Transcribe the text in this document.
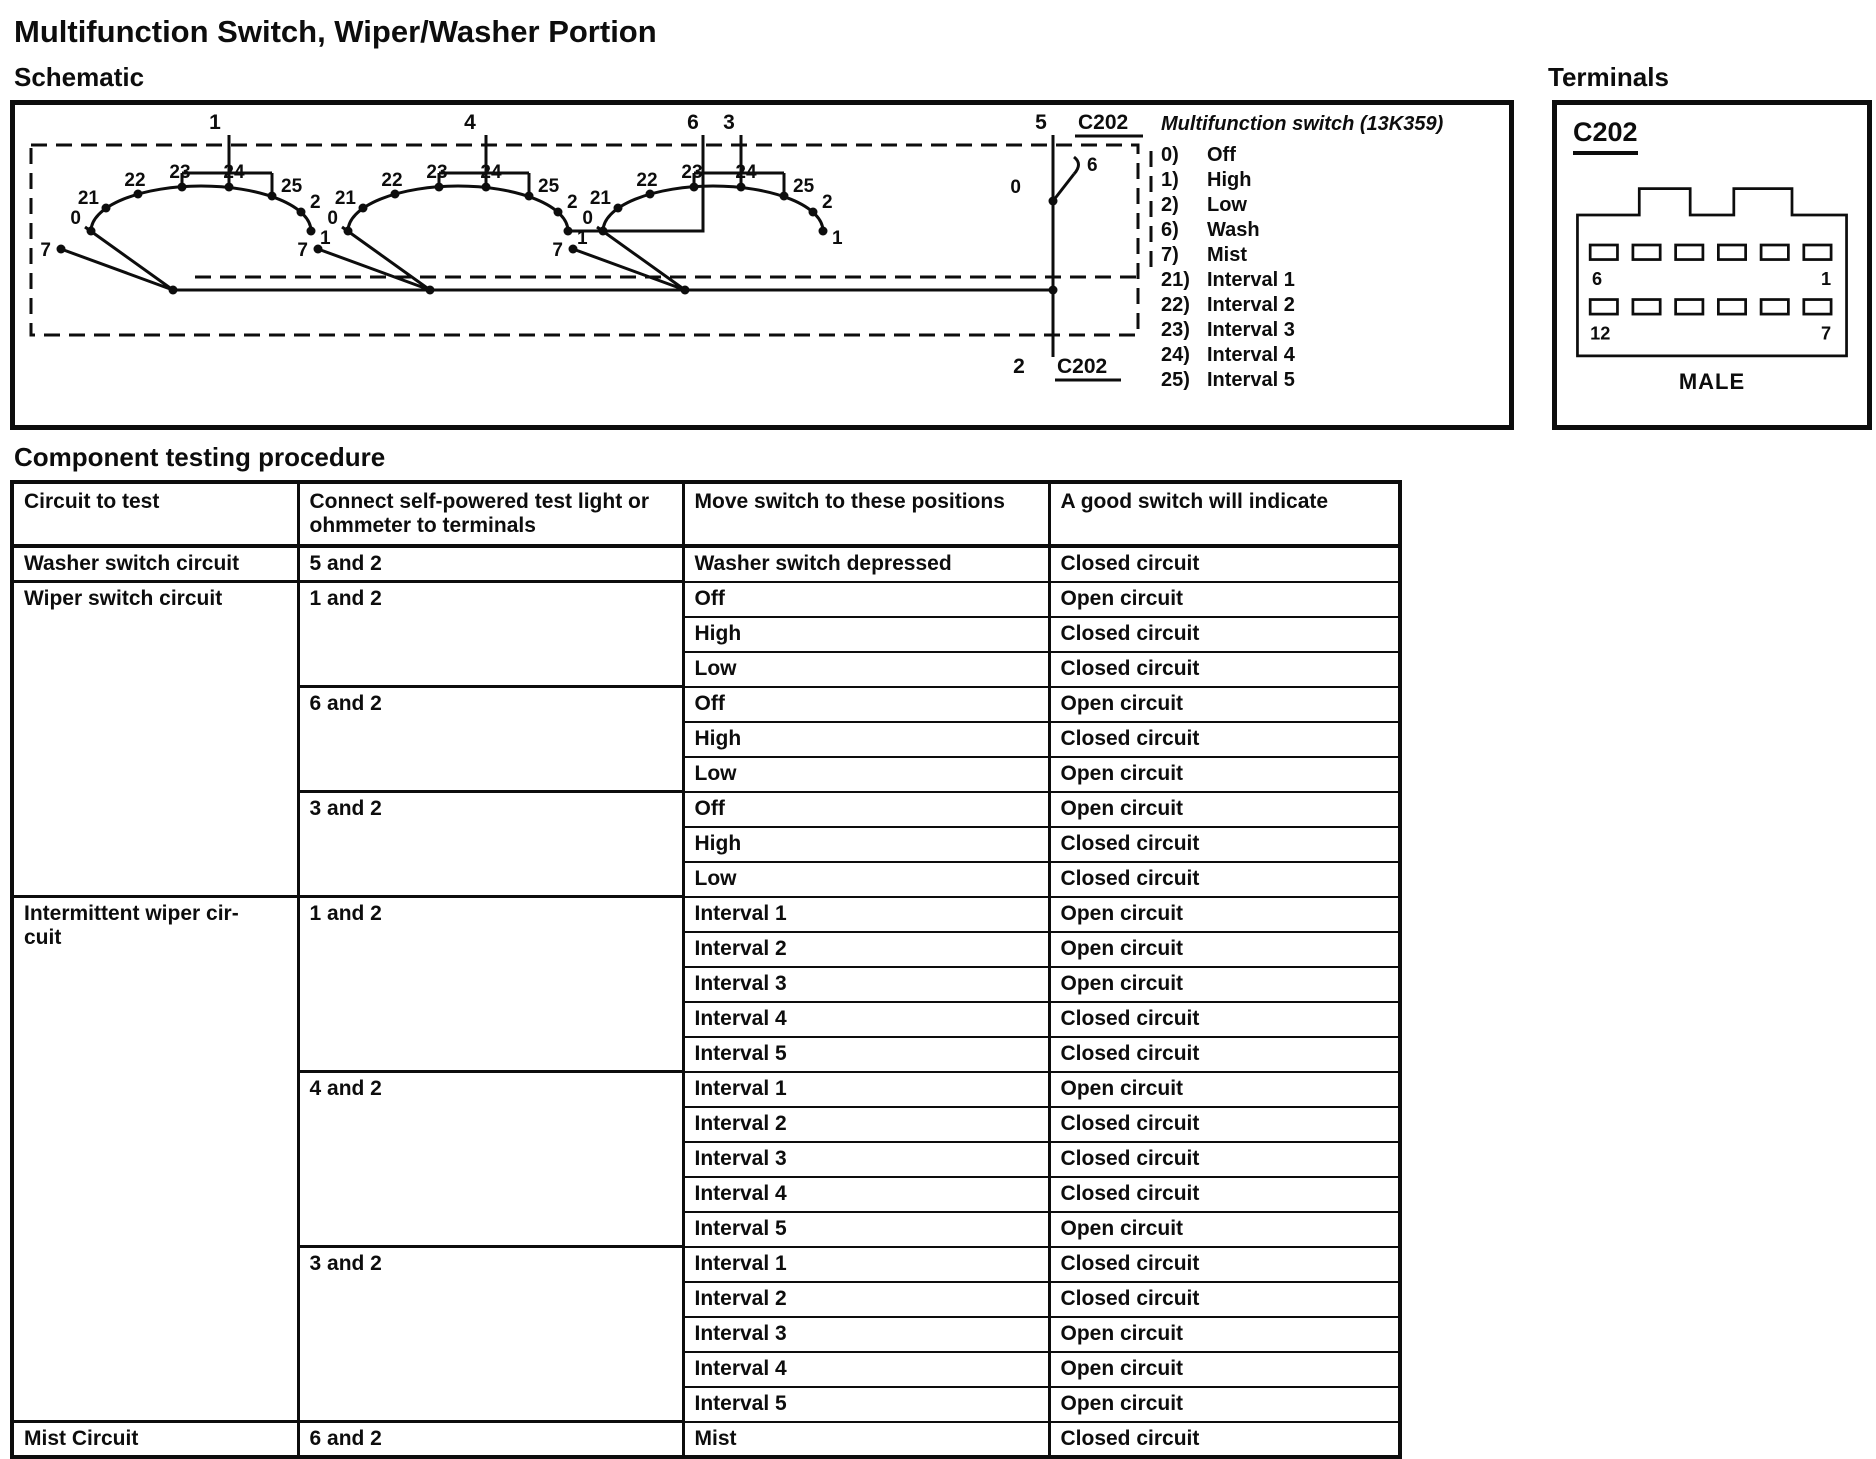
Multifunction Switch, Wiper/Washer Portion
Schematic	Terminals
7
0
21
22	23	24
25
2
1	4	6 3	5 C202
0
6
2 C202
Multifunction switch (13K359)
0)	Off
1)	High
2)	Low
6)	Wash
7)	Mist
21) Interval 1
22) Interval 2
23) Interval 3
24) Interval 4
25) Interval 5
C202
6	1
12	7
MALE
Component testing procedure
Circuit to test	Connect self-powered test light or ohmmeter to terminals	Move switch to these positions	A good switch will indicate
Washer switch circuit	5 and 2	Washer switch depressed	Closed circuit
Wiper switch circuit	1 and 2	Off	Open circuit
		High	Closed circuit
		Low	Closed circuit
	6 and 2	Off	Open circuit
		High	Closed circuit
		Low	Open circuit
	3 and 2	Off	Open circuit
		High	Closed circuit
		Low	Closed circuit
Intermittent wiper cir-
cuit	1 and 2	Interval 1	Open circuit
		Interval 2	Open circuit
		Interval 3	Open circuit
		Interval 4	Closed circuit
		Interval 5	Closed circuit
	4 and 2	Interval 1	Open circuit
		Interval 2	Closed circuit
		Interval 3	Closed circuit
		Interval 4	Closed circuit
		Interval 5	Open circuit
	3 and 2	Interval 1	Closed circuit
		Interval 2	Closed circuit
		Interval 3	Open circuit
		Interval 4	Open circuit
		Interval 5	Open circuit
Mist Circuit	6 and 2	Mist	Closed circuit
